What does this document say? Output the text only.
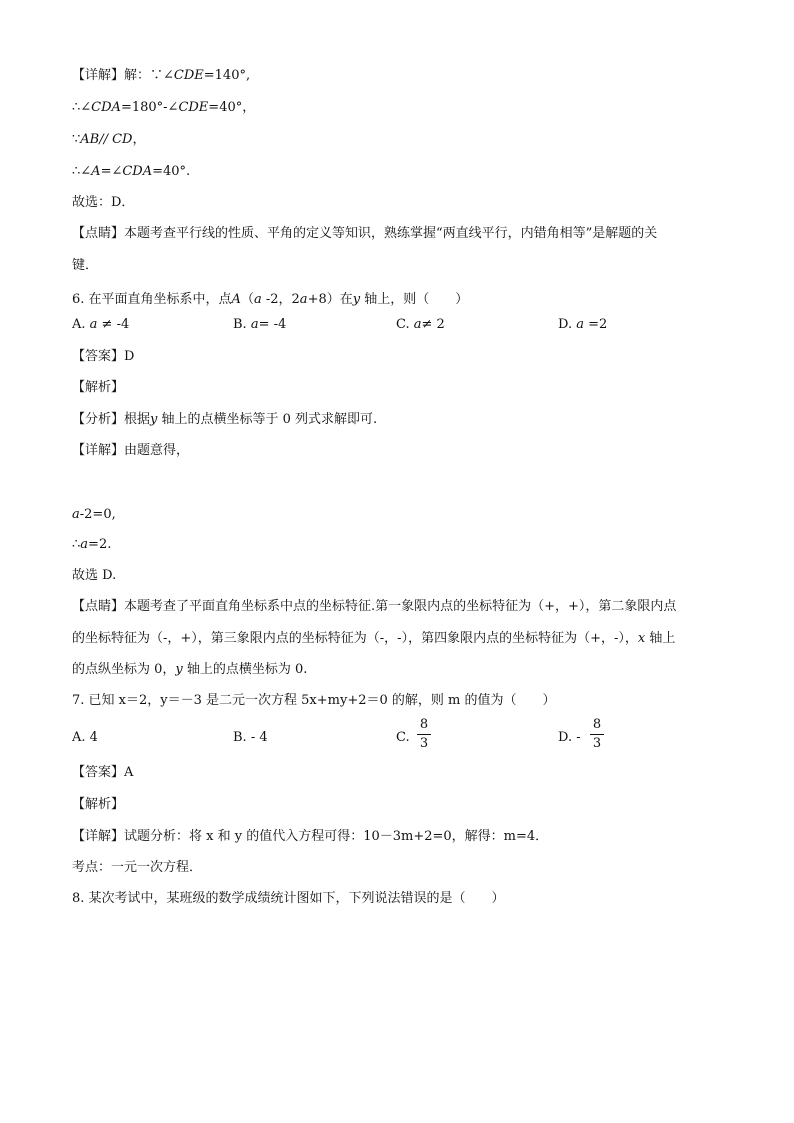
【详解】解：∵∠CDE=140°,
∴∠CDA=180°-∠CDE=40°，
∵AB// CD，
∴∠A=∠CDA=40°.
故选：D．
【点睛】本题考查平行线的性质、平角的定义等知识，熟练掌握“两直线平行，内错角相等”是解题的关
键．
6. 在平面直角坐标系中，点A（a -2，2a+8）在y 轴上，则（　　）
A. a ≠ -4	B. a= -4	C. a≠ 2	D. a =2
【答案】D
【解析】
【分析】根据y 轴上的点横坐标等于 0 列式求解即可.
【详解】由题意得，
a-2=0,
∴a=2.
故选 D.
【点睛】本题考查了平面直角坐标系中点的坐标特征.第一象限内点的坐标特征为（+，+），第二象限内点
的坐标特征为（-，+），第三象限内点的坐标特征为（-，-），第四象限内点的坐标特征为（+，-），x 轴上
的点纵坐标为 0，y 轴上的点横坐标为 0.
7. 已知 x＝2，y＝－3 是二元一次方程 5x+my+2＝0 的解，则 m 的值为（　　）
A. 4	B. - 4	C.
8
3	D. -
8
3
【答案】A
【解析】
【详解】试题分析：将 x 和 y 的值代入方程可得：10－3m+2=0，解得：m=4．
考点：一元一次方程．
8. 某次考试中，某班级的数学成绩统计图如下，下列说法错误的是（　　）
